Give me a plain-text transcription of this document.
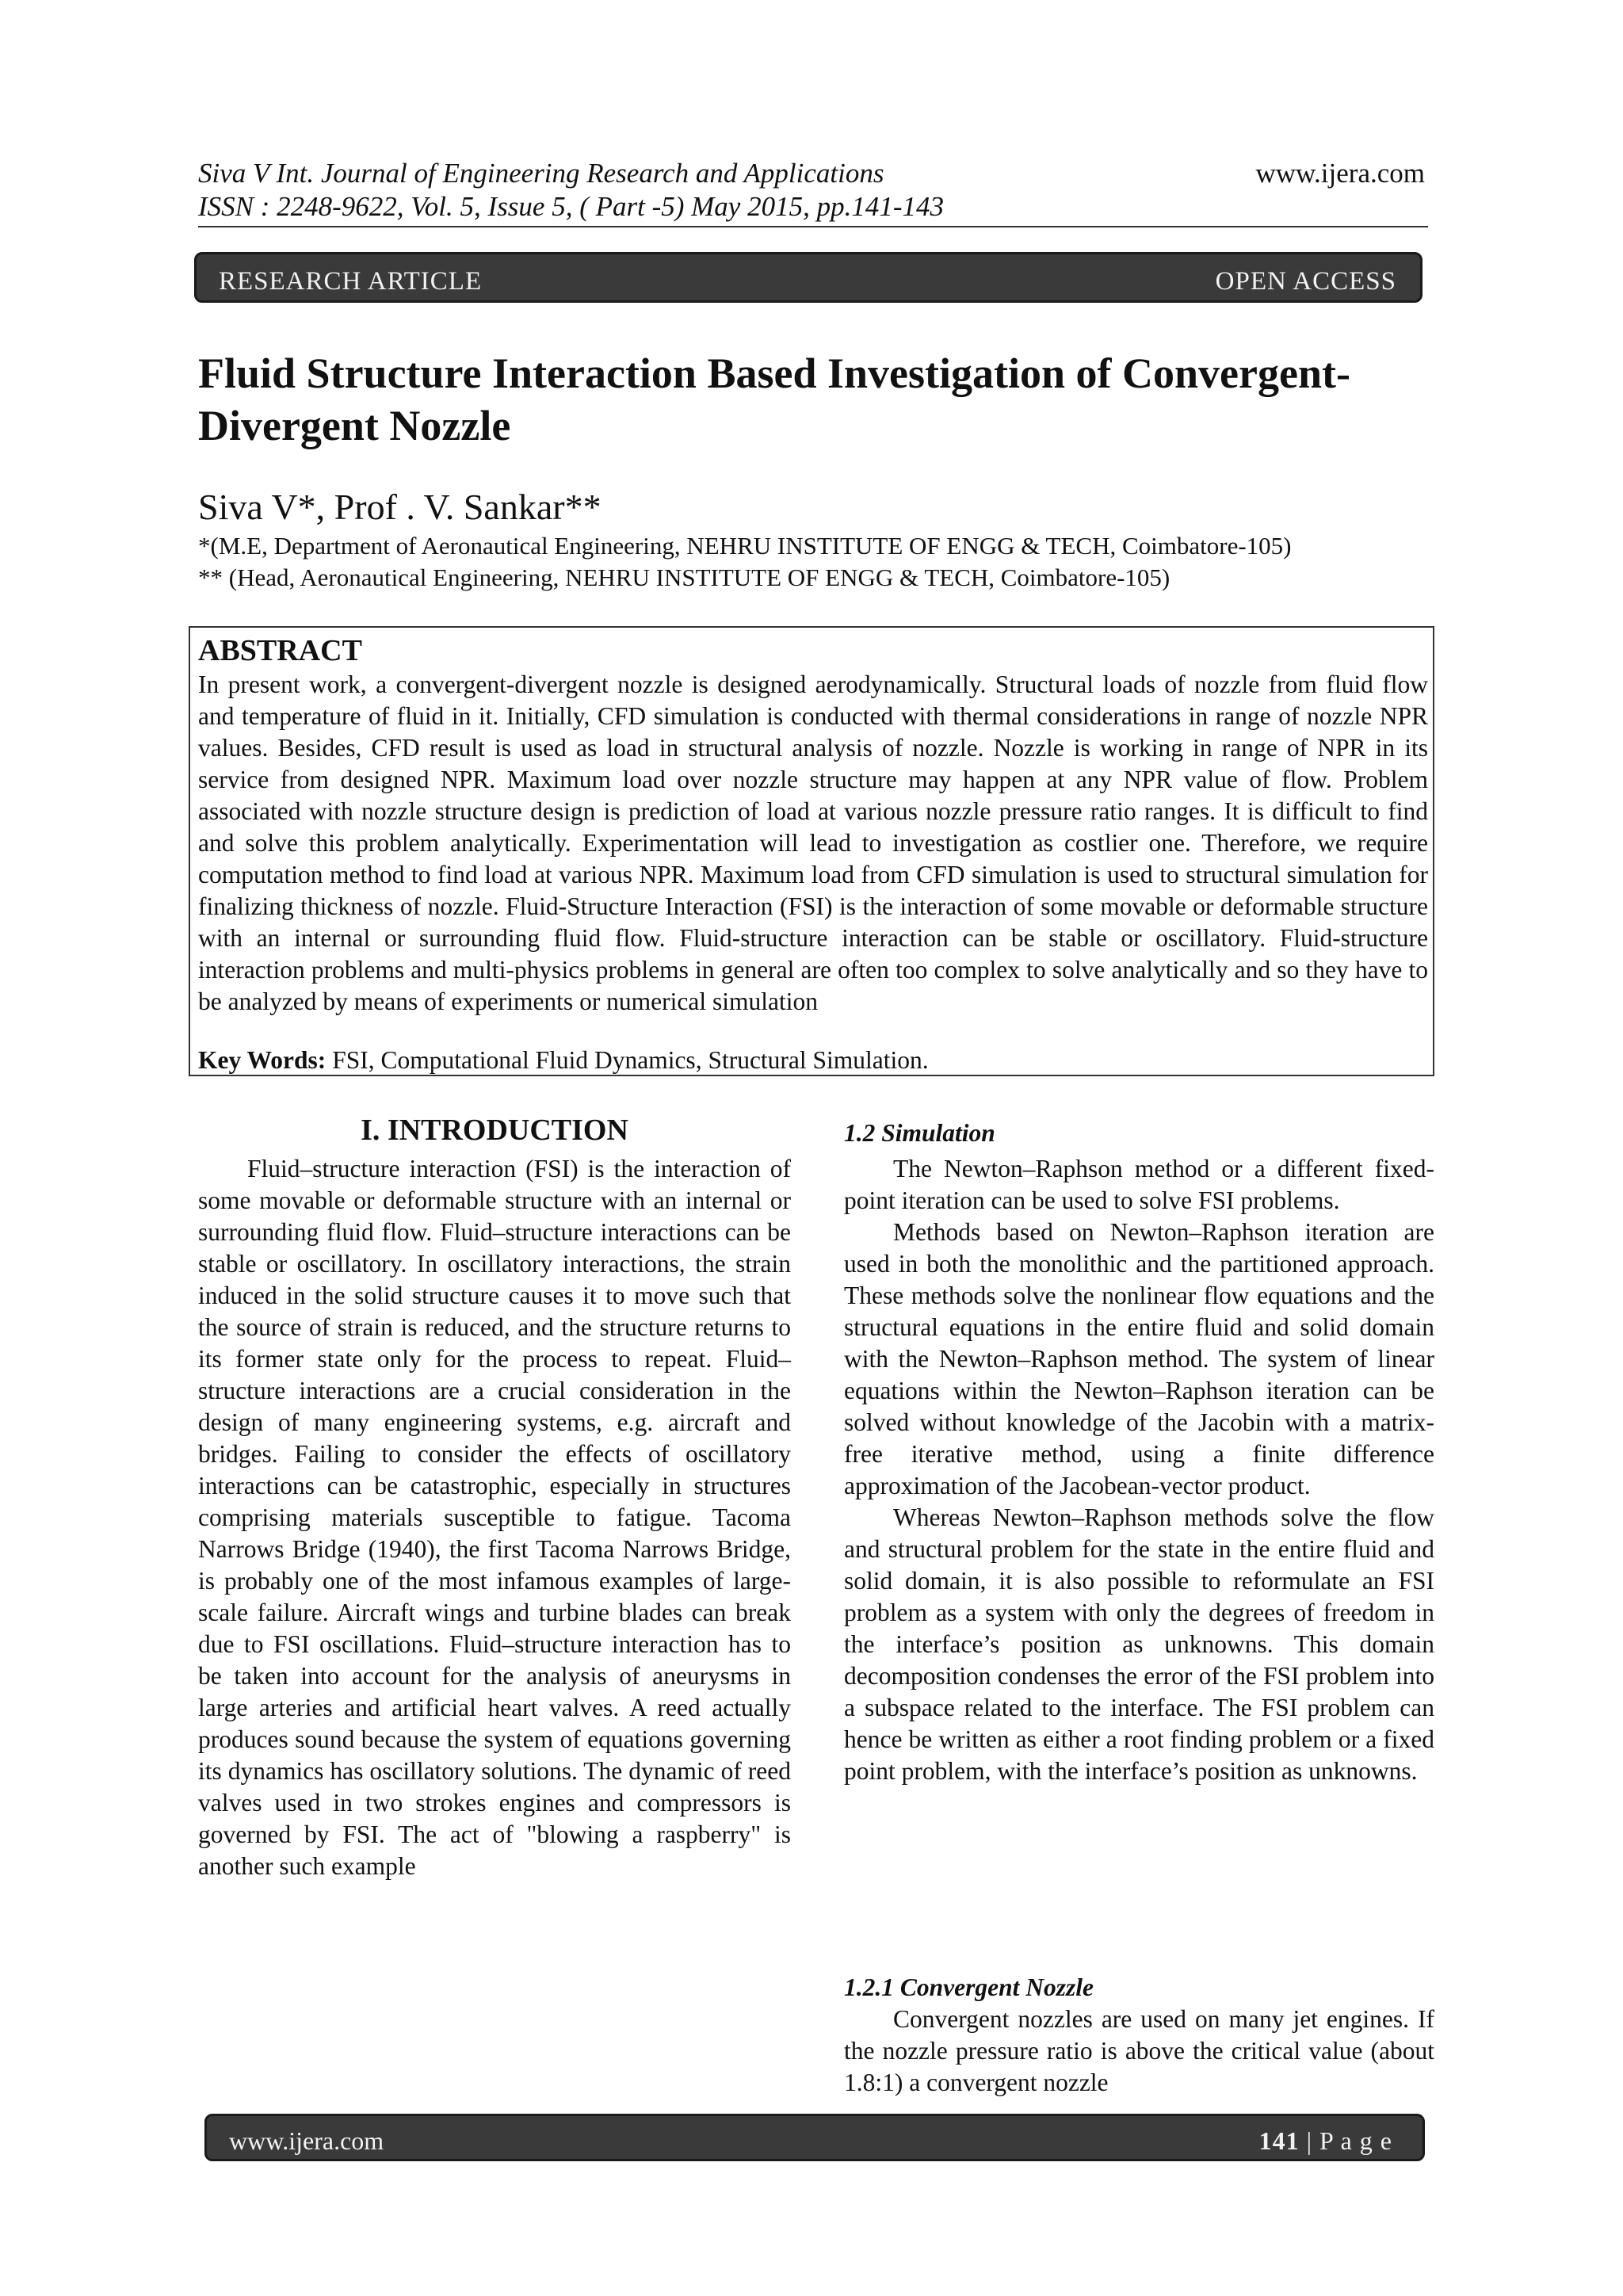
Siva V Int. Journal of Engineering Research and Applications	www.ijera.com
ISSN : 2248-9622, Vol. 5, Issue 5, ( Part -5) May 2015, pp.141-143
RESEARCH ARTICLE	OPEN ACCESS
Fluid Structure Interaction Based Investigation of Convergent-Divergent Nozzle
Siva V*, Prof . V. Sankar**
*(M.E, Department of Aeronautical Engineering, NEHRU INSTITUTE OF ENGG & TECH, Coimbatore-105)
** (Head, Aeronautical Engineering, NEHRU INSTITUTE OF ENGG & TECH, Coimbatore-105)
ABSTRACT
In present work, a convergent-divergent nozzle is designed aerodynamically. Structural loads of nozzle from fluid flow and temperature of fluid in it. Initially, CFD simulation is conducted with thermal considerations in range of nozzle NPR values. Besides, CFD result is used as load in structural analysis of nozzle. Nozzle is working in range of NPR in its service from designed NPR. Maximum load over nozzle structure may happen at any NPR value of flow. Problem associated with nozzle structure design is prediction of load at various nozzle pressure ratio ranges. It is difficult to find and solve this problem analytically. Experimentation will lead to investigation as costlier one. Therefore, we require computation method to find load at various NPR. Maximum load from CFD simulation is used to structural simulation for finalizing thickness of nozzle. Fluid-Structure Interaction (FSI) is the interaction of some movable or deformable structure with an internal or surrounding fluid flow. Fluid-structure interaction can be stable or oscillatory. Fluid-structure interaction problems and multi-physics problems in general are often too complex to solve analytically and so they have to be analyzed by means of experiments or numerical simulation
Key Words: FSI, Computational Fluid Dynamics, Structural Simulation.
I. INTRODUCTION

Fluid–structure interaction (FSI) is the interaction of some movable or deformable structure with an internal or surrounding fluid flow. Fluid–structure interactions can be stable or oscillatory. In oscillatory interactions, the strain induced in the solid structure causes it to move such that the source of strain is reduced, and the structure returns to its former state only for the process to repeat. Fluid–structure interactions are a crucial consideration in the design of many engineering systems, e.g. aircraft and bridges. Failing to consider the effects of oscillatory interactions can be catastrophic, especially in structures comprising materials susceptible to fatigue. Tacoma Narrows Bridge (1940), the first Tacoma Narrows Bridge, is probably one of the most infamous examples of large-scale failure. Aircraft wings and turbine blades can break due to FSI oscillations. Fluid–structure interaction has to be taken into account for the analysis of aneurysms in large arteries and artificial heart valves. A reed actually produces sound because the system of equations governing its dynamics has oscillatory solutions. The dynamic of reed valves used in two strokes engines and compressors is governed by FSI. The act of "blowing a raspberry" is another such example

1.2 Simulation

The Newton–Raphson method or a different fixed-point iteration can be used to solve FSI problems.

Methods based on Newton–Raphson iteration are used in both the monolithic and the partitioned approach. These methods solve the nonlinear flow equations and the structural equations in the entire fluid and solid domain with the Newton–Raphson method. The system of linear equations within the Newton–Raphson iteration can be solved without knowledge of the Jacobin with a matrix-free iterative method, using a finite difference approximation of the Jacobean-vector product.

Whereas Newton–Raphson methods solve the flow and structural problem for the state in the entire fluid and solid domain, it is also possible to reformulate an FSI problem as a system with only the degrees of freedom in the interface’s position as unknowns. This domain decomposition condenses the error of the FSI problem into a subspace related to the interface. The FSI problem can hence be written as either a root finding problem or a fixed point problem, with the interface’s position as unknowns.

1.2.1 Convergent Nozzle

Convergent nozzles are used on many jet engines. If the nozzle pressure ratio is above the critical value (about 1.8:1) a convergent nozzle

www.ijera.com	141 | P a g e
